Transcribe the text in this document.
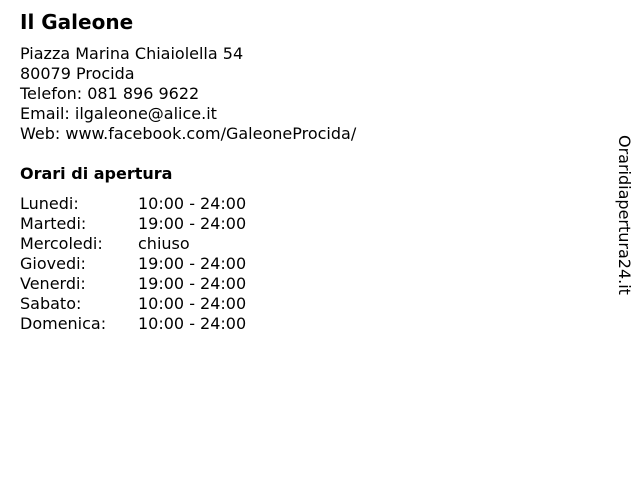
Il Galeone
Piazza Marina Chiaiolella 54
80079 Procida
Telefon: 081 896 9622
Email: ilgaleone@alice.it
Web: www.facebook.com/GaleoneProcida/
Orari di apertura
Lunedi:	10:00 - 24:00
Martedi:	19:00 - 24:00
Mercoledi:	chiuso
Giovedi:	19:00 - 24:00
Venerdi:	19:00 - 24:00
Sabato:	10:00 - 24:00
Domenica:	10:00 - 24:00
Oraridiapertura24.it
